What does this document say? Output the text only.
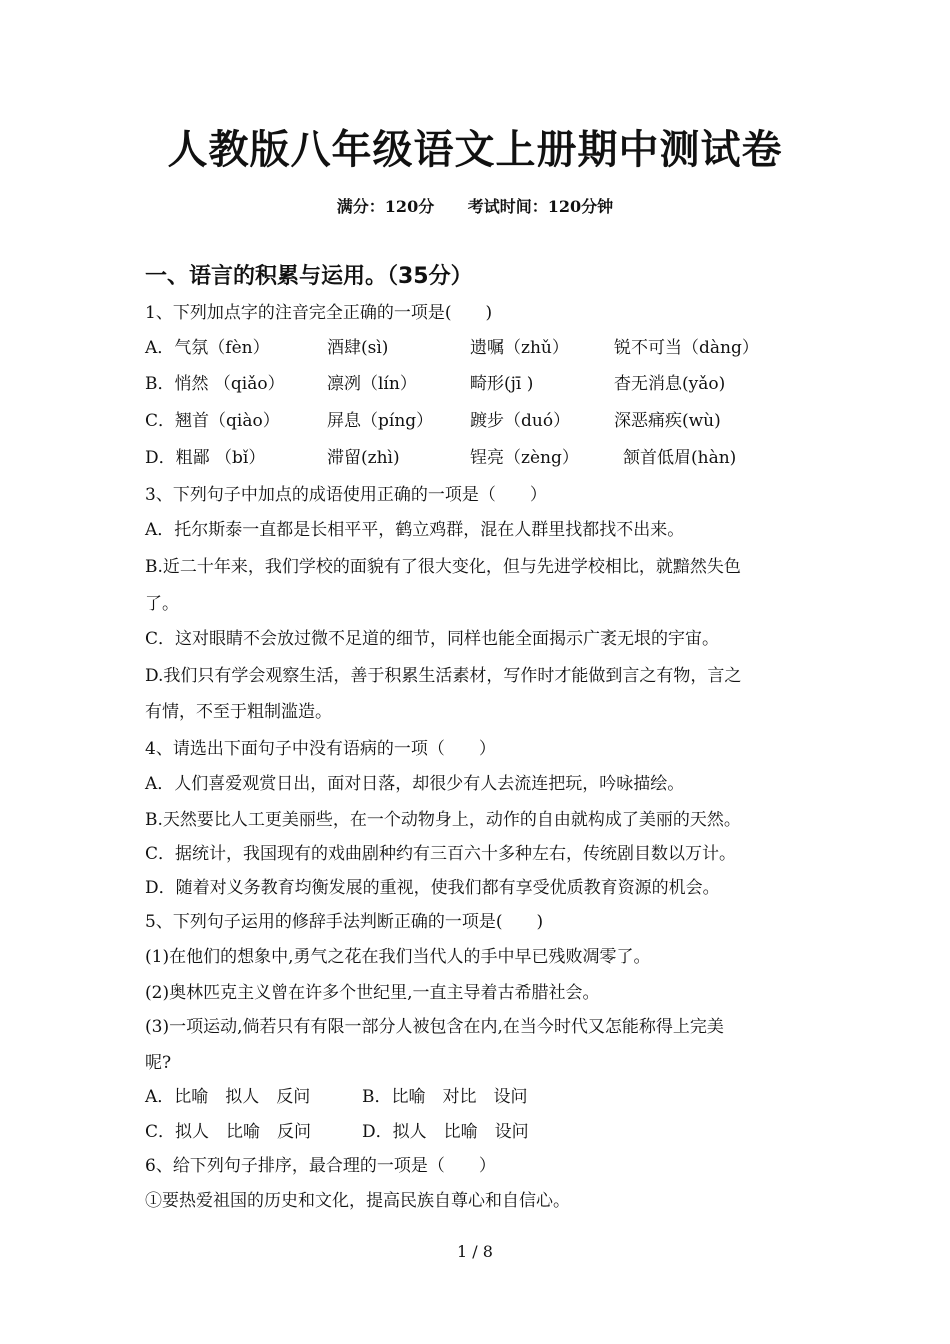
人教版八年级语文上册期中测试卷
满分：120分 考试时间：120分钟
一、语言的积累与运用。（35分）
1、下列加点字的注音完全正确的一项是(　　)
A．气氛（fèn）	酒肆(sì)	遗嘱（zhǔ）	锐不可当（dàng）
B．悄然 （qiǎo） 凛冽（lín）	畸形(jī )	杳无消息(yǎo)
C．翘首（qiào）	屏息（píng） 踱步（duó）	深恶痛疾(wù)
D．粗鄙 （bǐ）	滞留(zhì)	锃亮（zèng）	颔首低眉(hàn)
3、下列句子中加点的成语使用正确的一项是（　　）
A．托尔斯泰一直都是长相平平，鹤立鸡群，混在人群里找都找不出来。
B.近二十年来，我们学校的面貌有了很大变化，但与先进学校相比，就黯然失色
了。
C．这对眼睛不会放过微不足道的细节，同样也能全面揭示广袤无垠的宇宙。
D.我们只有学会观察生活，善于积累生活素材，写作时才能做到言之有物，言之
有情，不至于粗制滥造。
4、请选出下面句子中没有语病的一项（　　）
A．人们喜爱观赏日出，面对日落，却很少有人去流连把玩，吟咏描绘。
B.天然要比人工更美丽些，在一个动物身上，动作的自由就构成了美丽的天然。
C．据统计，我国现有的戏曲剧种约有三百六十多种左右，传统剧目数以万计。
D．随着对义务教育均衡发展的重视，使我们都有享受优质教育资源的机会。
5、下列句子运用的修辞手法判断正确的一项是(　　)
(1)在他们的想象中,勇气之花在我们当代人的手中早已残败凋零了。
(2)奥林匹克主义曾在许多个世纪里,一直主导着古希腊社会。
(3)一项运动,倘若只有有限一部分人被包含在内,在当今时代又怎能称得上完美
呢?
A．比喻　拟人　反问	B．比喻　对比　设问
C．拟人　比喻　反问	D．拟人　比喻　设问
6、给下列句子排序，最合理的一项是（　　）
①要热爱祖国的历史和文化，提高民族自尊心和自信心。
1 / 8
